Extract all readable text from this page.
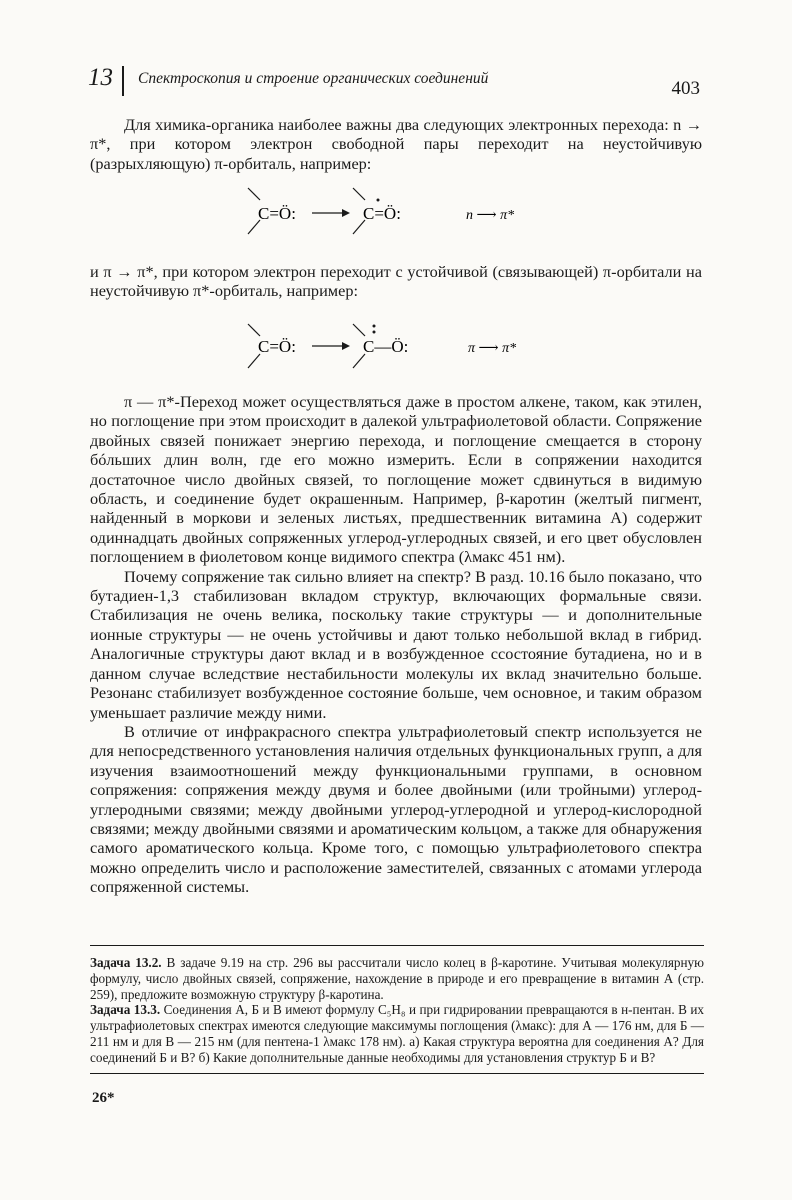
13 Спектроскопия и строение органических соединений	403

Для химика-органика наиболее важны два следующих электронных перехода: n → π*, при котором электрон свободной пары переходит на неустойчивую (разрыхляющую) π-орбиталь, например:

C=Ö:	C=Ö:	n ⟶ π*

и π → π*, при котором электрон переходит с устойчивой (связывающей) π-орбитали на неустойчивую π*-орбиталь, например:

C=Ö:	C—Ö:	π ⟶ π*

π — π*-Переход может осуществляться даже в простом алкене, таком, как этилен, но поглощение при этом происходит в далекой ультрафиолетовой области. Сопряжение двойных связей понижает энергию перехода, и поглощение смещается в сторону бóльших длин волн, где его можно измерить. Если в сопряжении находится достаточное число двойных связей, то поглощение может сдвинуться в видимую область, и соединение будет окрашенным. Например, β-каротин (желтый пигмент, найденный в моркови и зеленых листьях, предшественник витамина А) содержит одиннадцать двойных сопряженных углерод-углеродных связей, и его цвет обусловлен поглощением в фиолетовом конце видимого спектра (λмакс 451 нм).

Почему сопряжение так сильно влияет на спектр? В разд. 10.16 было показано, что бутадиен-1,3 стабилизован вкладом структур, включающих формальные связи. Стабилизация не очень велика, поскольку такие структуры — и дополнительные ионные структуры — не очень устойчивы и дают только небольшой вклад в гибрид. Аналогичные структуры дают вклад и в возбужденное ссостояние бутадиена, но и в данном случае вследствие нестабильности молекулы их вклад значительно больше. Резонанс стабилизует возбужденное состояние больше, чем основное, и таким образом уменьшает различие между ними.

В отличие от инфракрасного спектра ультрафиолетовый спектр используется не для непосредственного установления наличия отдельных функциональных групп, а для изучения взаимоотношений между функциональными группами, в основном сопряжения: сопряжения между двумя и более двойными (или тройными) углерод-углеродными связями; между двойными углерод-углеродной и углерод-кислородной связями; между двойными связями и ароматическим кольцом, а также для обнаружения самого ароматического кольца. Кроме того, с помощью ультрафиолетового спектра можно определить число и расположение заместителей, связанных с атомами углерода сопряженной системы.

Задача 13.2. В задаче 9.19 на стр. 296 вы рассчитали число колец в β-каротине. Учитывая молекулярную формулу, число двойных связей, сопряжение, нахождение в природе и его превращение в витамин А (стр. 259), предложите возможную структуру β-каротина.

Задача 13.3. Соединения А, Б и В имеют формулу C₅H₈ и при гидрировании превращаются в н-пентан. В их ультрафиолетовых спектрах имеются следующие максимумы поглощения (λмакс): для А — 176 нм, для Б — 211 нм и для В — 215 нм (для пентена-1 λмакс 178 нм). а) Какая структура вероятна для соединения А? Для соединений Б и В? б) Какие дополнительные данные необходимы для установления структур Б и В?

26*
